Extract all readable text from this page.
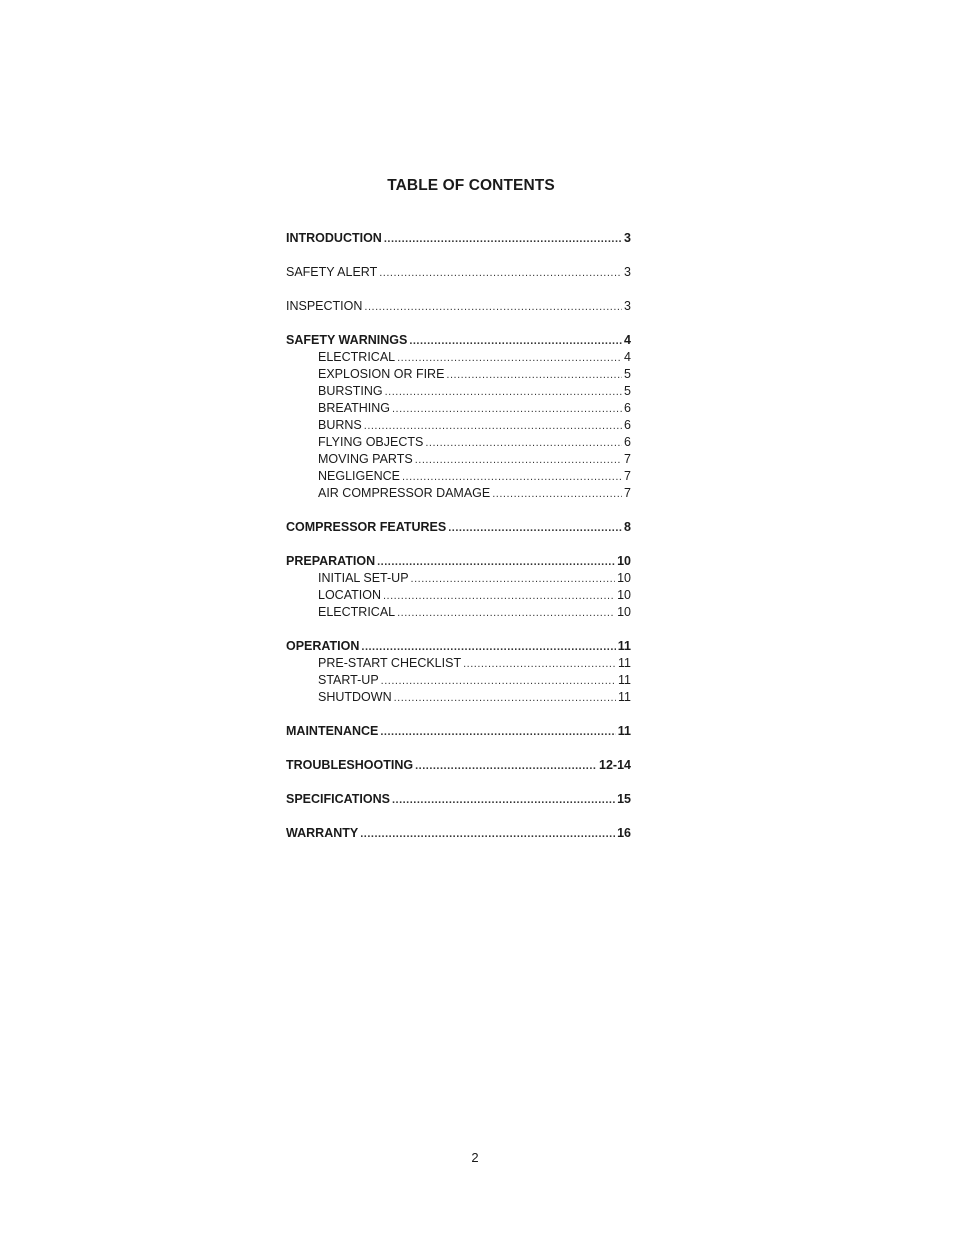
TABLE OF CONTENTS
INTRODUCTION .....	3
SAFETY ALERT .....	3
INSPECTION .....	3
SAFETY WARNINGS .....	4
ELECTRICAL .....	4
EXPLOSION OR FIRE .....	5
BURSTING .....	5
BREATHING .....	6
BURNS .....	6
FLYING OBJECTS .....	6
MOVING PARTS .....	7
NEGLIGENCE .....	7
AIR COMPRESSOR DAMAGE .....	7
COMPRESSOR FEATURES .....	8
PREPARATION .....	10
INITIAL SET-UP .....	10
LOCATION .....	10
ELECTRICAL .....	10
OPERATION .....	11
PRE-START CHECKLIST .....	11
START-UP .....	11
SHUTDOWN .....	11
MAINTENANCE .....	11
TROUBLESHOOTING .....	12-14
SPECIFICATIONS .....	15
WARRANTY .....	16
2
